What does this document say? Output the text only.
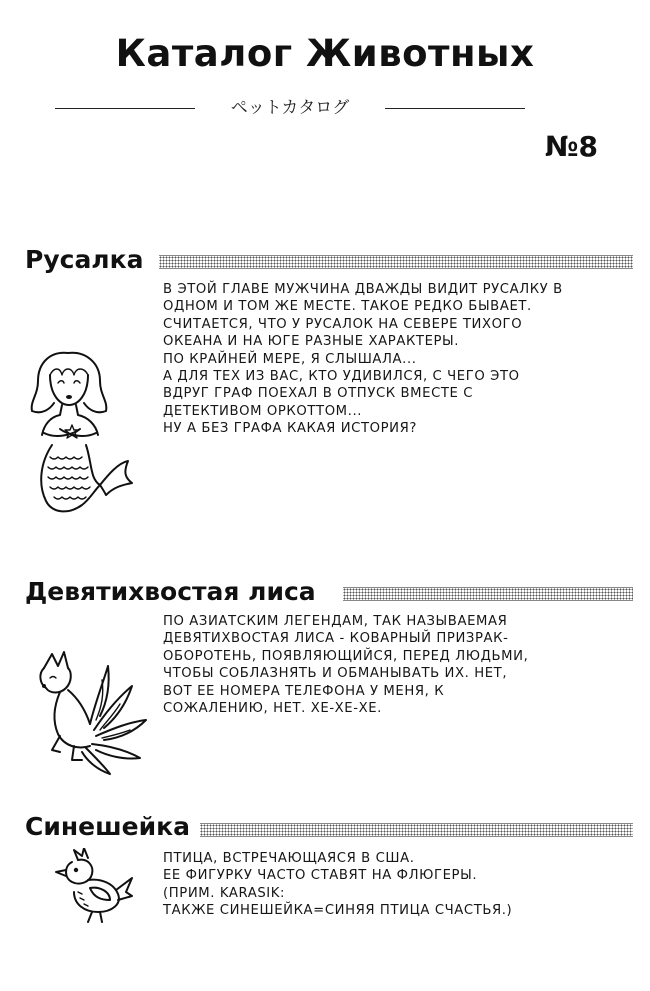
Каталог Животных
ペットカタログ
№8
Русалка
В ЭТОЙ ГЛАВЕ МУЖЧИНА ДВАЖДЫ ВИДИТ РУСАЛКУ В
ОДНОМ И ТОМ ЖЕ МЕСТЕ. ТАКОЕ РЕДКО БЫВАЕТ.
СЧИТАЕТСЯ, ЧТО У РУСАЛОК НА СЕВЕРЕ ТИХОГО
ОКЕАНА И НА ЮГЕ РАЗНЫЕ ХАРАКТЕРЫ.
ПО КРАЙНЕЙ МЕРЕ, Я СЛЫШАЛА...
А ДЛЯ ТЕХ ИЗ ВАС, КТО УДИВИЛСЯ, С ЧЕГО ЭТО
ВДРУГ ГРАФ ПОЕХАЛ В ОТПУСК ВМЕСТЕ С
ДЕТЕКТИВОМ ОРКОТТОМ...
НУ А БЕЗ ГРАФА КАКАЯ ИСТОРИЯ?
Девятихвостая лиса
ПО АЗИАТСКИМ ЛЕГЕНДАМ, ТАК НАЗЫВАЕМАЯ
ДЕВЯТИХВОСТАЯ ЛИСА - КОВАРНЫЙ ПРИЗРАК-
ОБОРОТЕНЬ, ПОЯВЛЯЮЩИЙСЯ, ПЕРЕД ЛЮДЬМИ,
ЧТОБЫ СОБЛАЗНЯТЬ И ОБМАНЫВАТЬ ИХ. НЕТ,
ВОТ ЕЕ НОМЕРА ТЕЛЕФОНА У МЕНЯ, К
СОЖАЛЕНИЮ, НЕТ. ХЕ-ХЕ-ХЕ.
Синешейка
ПТИЦА, ВСТРЕЧАЮЩАЯСЯ В США.
ЕЕ ФИГУРКУ ЧАСТО СТАВЯТ НА ФЛЮГЕРЫ.
(ПРИМ. KARASIK:
ТАКЖЕ СИНЕШЕЙКА=СИНЯЯ ПТИЦА СЧАСТЬЯ.)
